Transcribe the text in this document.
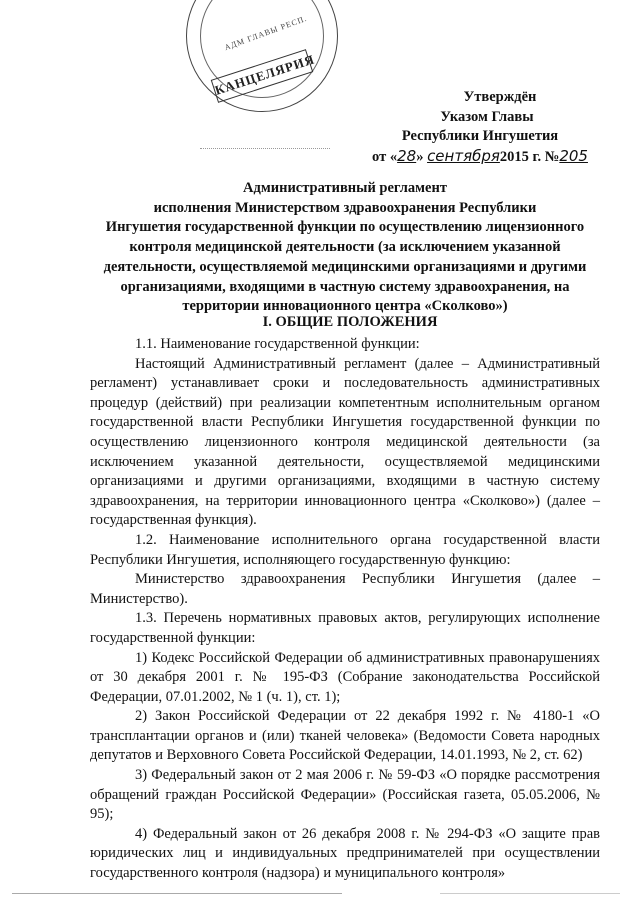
АДМ ГЛАВЫ РЕСП.
КАНЦЕЛЯРИЯ	Утверждён
Указом Главы
Республики Ингушетия
от «28» сентября2015 г. №205
Административный регламент
исполнения Министерством здравоохранения Республики
Ингушетия государственной функции по осуществлению лицензионного
контроля медицинской деятельности (за исключением указанной
деятельности, осуществляемой медицинскими организациями и другими
организациями, входящими в частную систему здравоохранения, на
территории инновационного центра «Сколково»)
I. ОБЩИЕ ПОЛОЖЕНИЯ

1.1. Наименование государственной функции:

Настоящий Административный регламент (далее – Административный регламент) устанавливает сроки и последовательность административных процедур (действий) при реализации компетентным исполнительным органом государственной власти Республики Ингушетия государственной функции по осуществлению лицензионного контроля медицинской деятельности (за исключением указанной деятельности, осуществляемой медицинскими организациями и другими организациями, входящими в частную систему здравоохранения, на территории инновационного центра «Сколково») (далее – государственная функция).

1.2. Наименование исполнительного органа государственной власти Республики Ингушетия, исполняющего государственную функцию:

Министерство здравоохранения Республики Ингушетия (далее – Министерство).

1.3. Перечень нормативных правовых актов, регулирующих исполнение государственной функции:

1) Кодекс Российской Федерации об административных правонарушениях от 30 декабря 2001 г. № 195-ФЗ (Собрание законодательства Российской Федерации, 07.01.2002, № 1 (ч. 1), ст. 1);

2) Закон Российской Федерации от 22 декабря 1992 г. № 4180-1 «О трансплантации органов и (или) тканей человека» (Ведомости Совета народных депутатов и Верховного Совета Российской Федерации, 14.01.1993, № 2, ст. 62)

3) Федеральный закон от 2 мая 2006 г. № 59-ФЗ «О порядке рассмотрения обращений граждан Российской Федерации» (Российская газета, 05.05.2006, № 95);

4) Федеральный закон от 26 декабря 2008 г. № 294-ФЗ «О защите прав юридических лиц и индивидуальных предпринимателей при осуществлении государственного контроля (надзора) и муниципального контроля»
